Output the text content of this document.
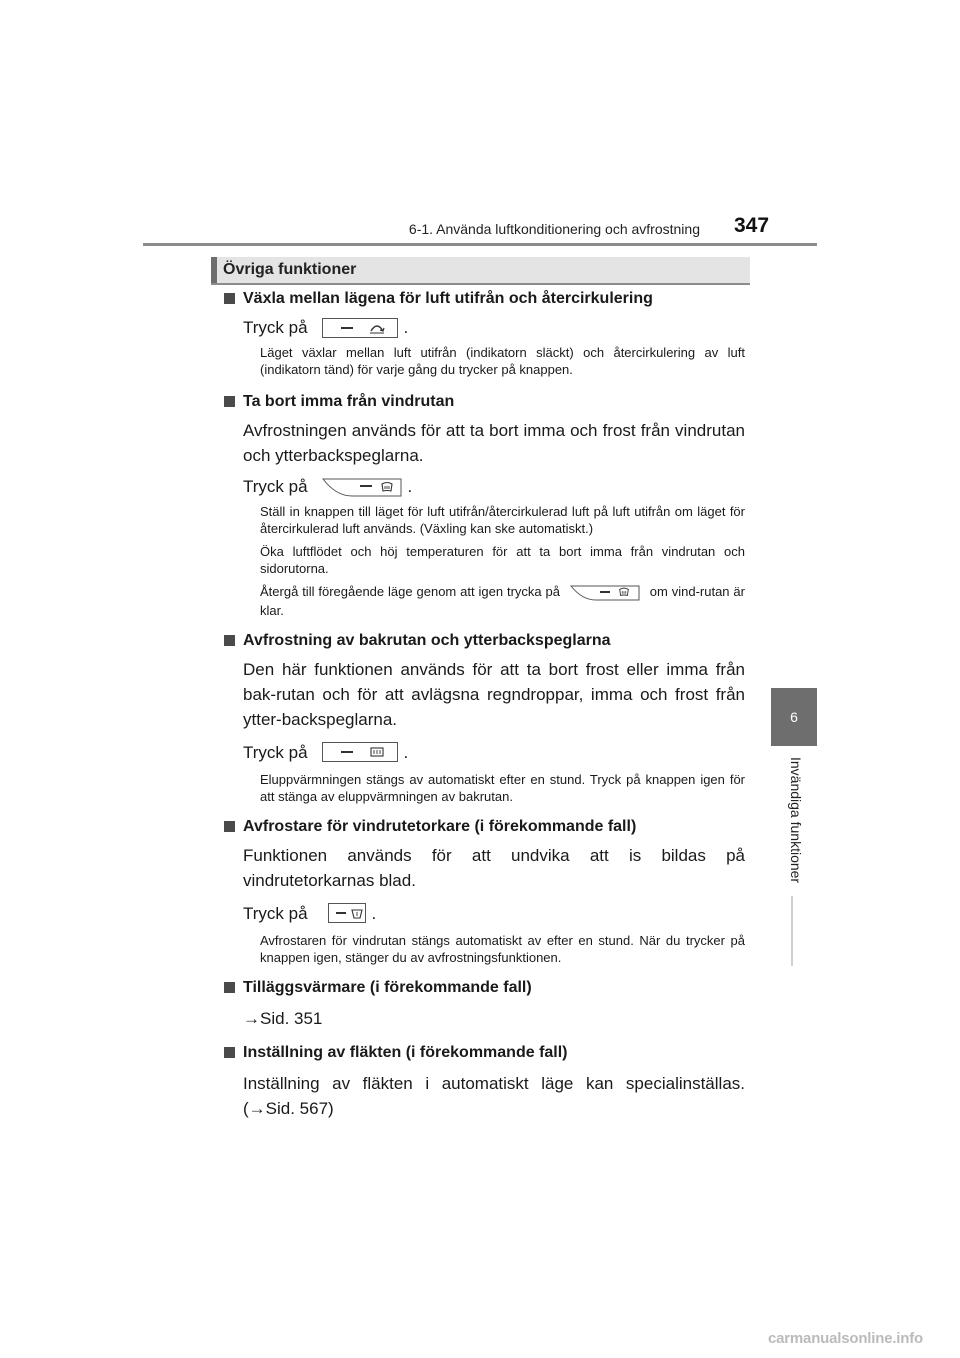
6-1. Använda luftkonditionering och avfrostning 347
6
Invändiga funktioner
Övriga funktioner
Växla mellan lägena för luft utifrån och återcirkulering
Tryck på	.

Läget växlar mellan luft utifrån (indikatorn släckt) och återcirkulering av luft (indikatorn tänd) för varje gång du trycker på knappen.

Ta bort imma från vindrutan

Avfrostningen används för att ta bort imma och frost från vindrutan och ytterbackspeglarna.

Tryck på	.

Ställ in knappen till läget för luft utifrån/återcirkulerad luft på luft utifrån om läget för återcirkulerad luft används. (Växling kan ske automatiskt.)

Öka luftflödet och höj temperaturen för att ta bort imma från vindrutan och sidorutorna.

Återgå till föregående läge genom att igen trycka på	om vind-rutan är klar.

Avfrostning av bakrutan och ytterbackspeglarna

Den här funktionen används för att ta bort frost eller imma från bak-rutan och för att avlägsna regndroppar, imma och frost från ytter-backspeglarna.

Tryck på	.

Eluppvärmningen stängs av automatiskt efter en stund. Tryck på knappen igen för att stänga av eluppvärmningen av bakrutan.

Avfrostare för vindrutetorkare (i förekommande fall)

Funktionen används för att undvika att is bildas på vindrutetorkarnas blad.

Tryck på	.

Avfrostaren för vindrutan stängs automatiskt av efter en stund. När du trycker på knappen igen, stänger du av avfrostningsfunktionen.

Tilläggsvärmare (i förekommande fall)

→Sid. 351

Inställning av fläkten (i förekommande fall)

Inställning av fläkten i automatiskt läge kan specialinställas. (→Sid. 567)

carmanualsonline.info
